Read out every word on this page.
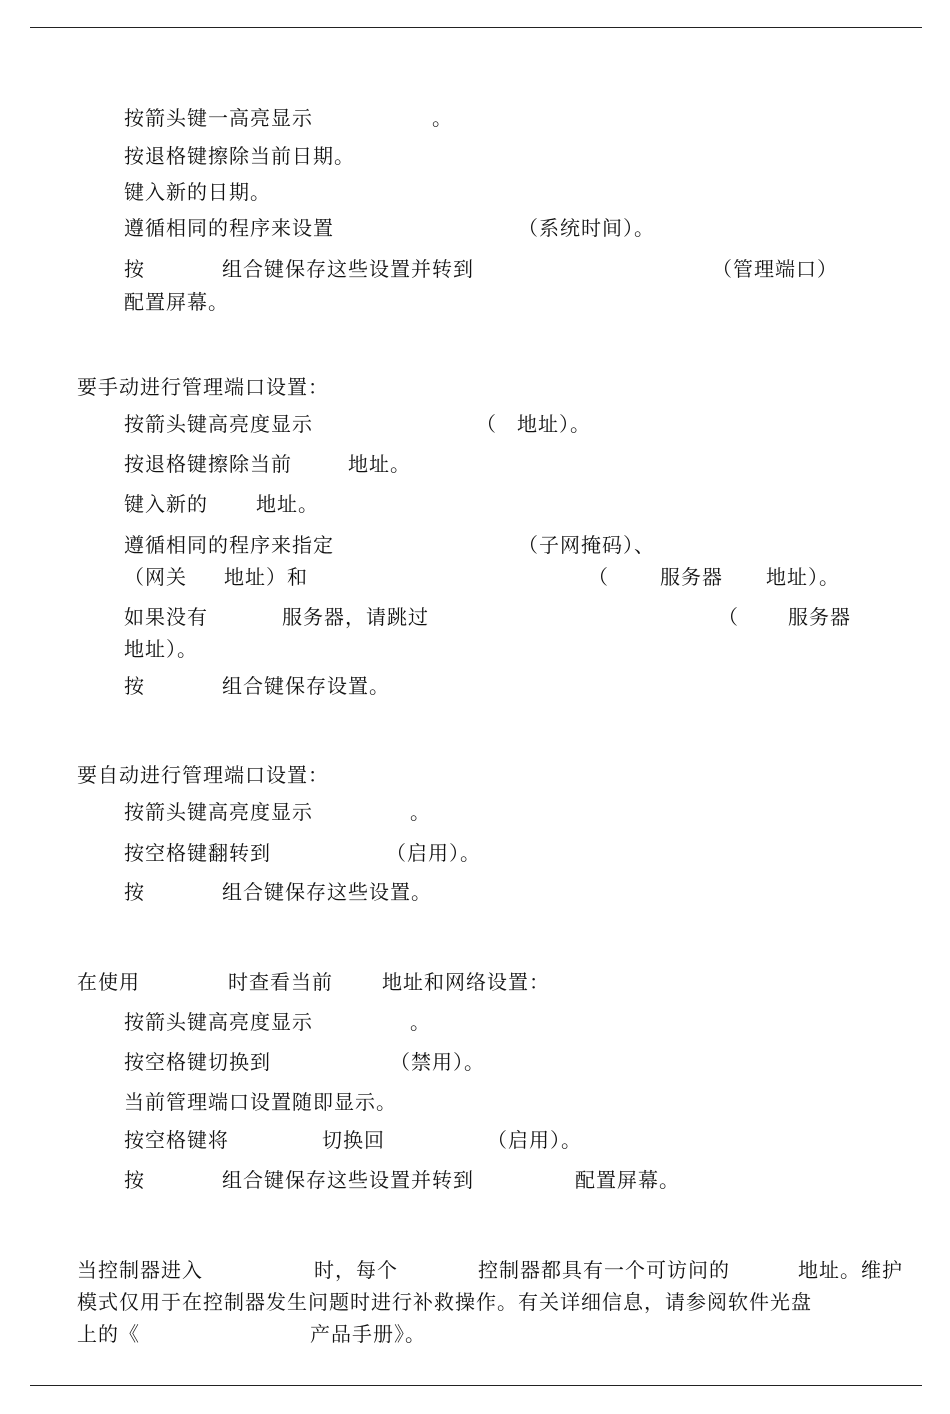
按箭头键一高亮显示	。
按退格键擦除当前日期。
键入新的日期。
遵循相同的程序来设置	（系统时间）。
按	组合键保存这些设置并转到	（管理端口）
配置屏幕。
要手动进行管理端口设置：
按箭头键高亮度显示	（ 地址）。
按退格键擦除当前	地址。
键入新的 地址。
遵循相同的程序来指定	（子网掩码）、
（网关 地址）和	（	服务器 地址）。
如果没有	服务器，请跳过	（ 服务器
地址）。
按	组合键保存设置。
要自动进行管理端口设置：
按箭头键高亮度显示	。
按空格键翻转到	（启用）。
按	组合键保存这些设置。
在使用	时查看当前 地址和网络设置：
按箭头键高亮度显示	。
按空格键切换到	（禁用）。
当前管理端口设置随即显示。
按空格键将	切换回	（启用）。
按	组合键保存这些设置并转到	配置屏幕。
当控制器进入	时，每个	控制器都具有一个可访问的	地址。维护
模式仅用于在控制器发生问题时进行补救操作。有关详细信息，请参阅软件光盘
上的《	产品手册》。
